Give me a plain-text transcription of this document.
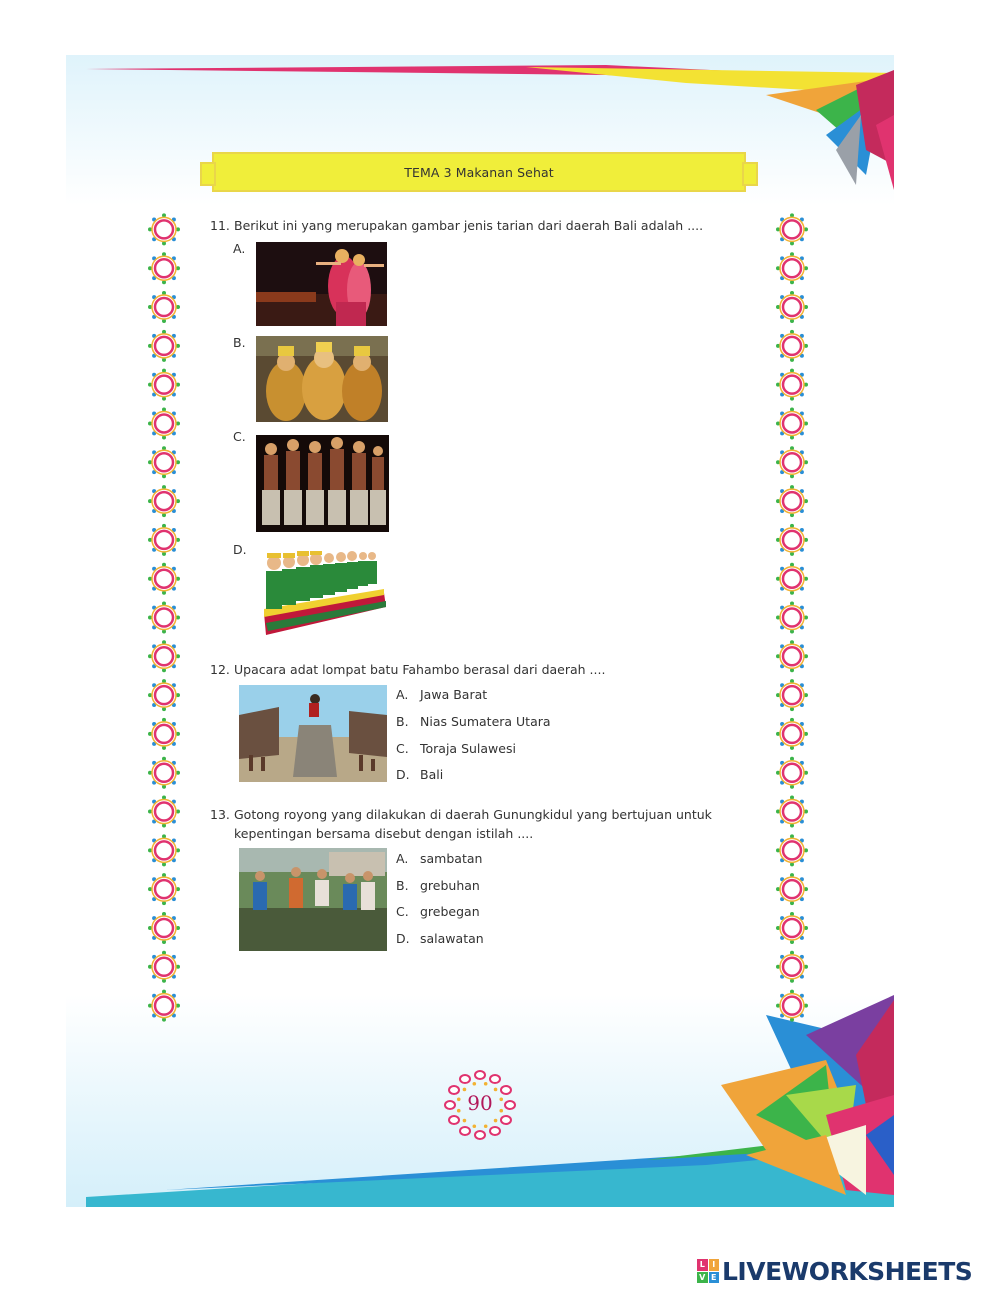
TEMA 3 Makanan Sehat
11. Berikut ini yang merupakan gambar jenis tarian dari daerah Bali adalah ....
A.
B.
C.
D.
12. Upacara adat lompat batu Fahambo berasal dari daerah ....
A. Jawa Barat
B. Nias Sumatera Utara
C. Toraja Sulawesi
D. Bali
13. Gotong royong yang dilakukan di daerah Gunungkidul yang bertujuan untuk
kepentingan bersama disebut dengan istilah ....
A. sambatan
B. grebuhan
C. grebegan
D. salawatan
90
L I
V E LIVEWORKSHEETS
